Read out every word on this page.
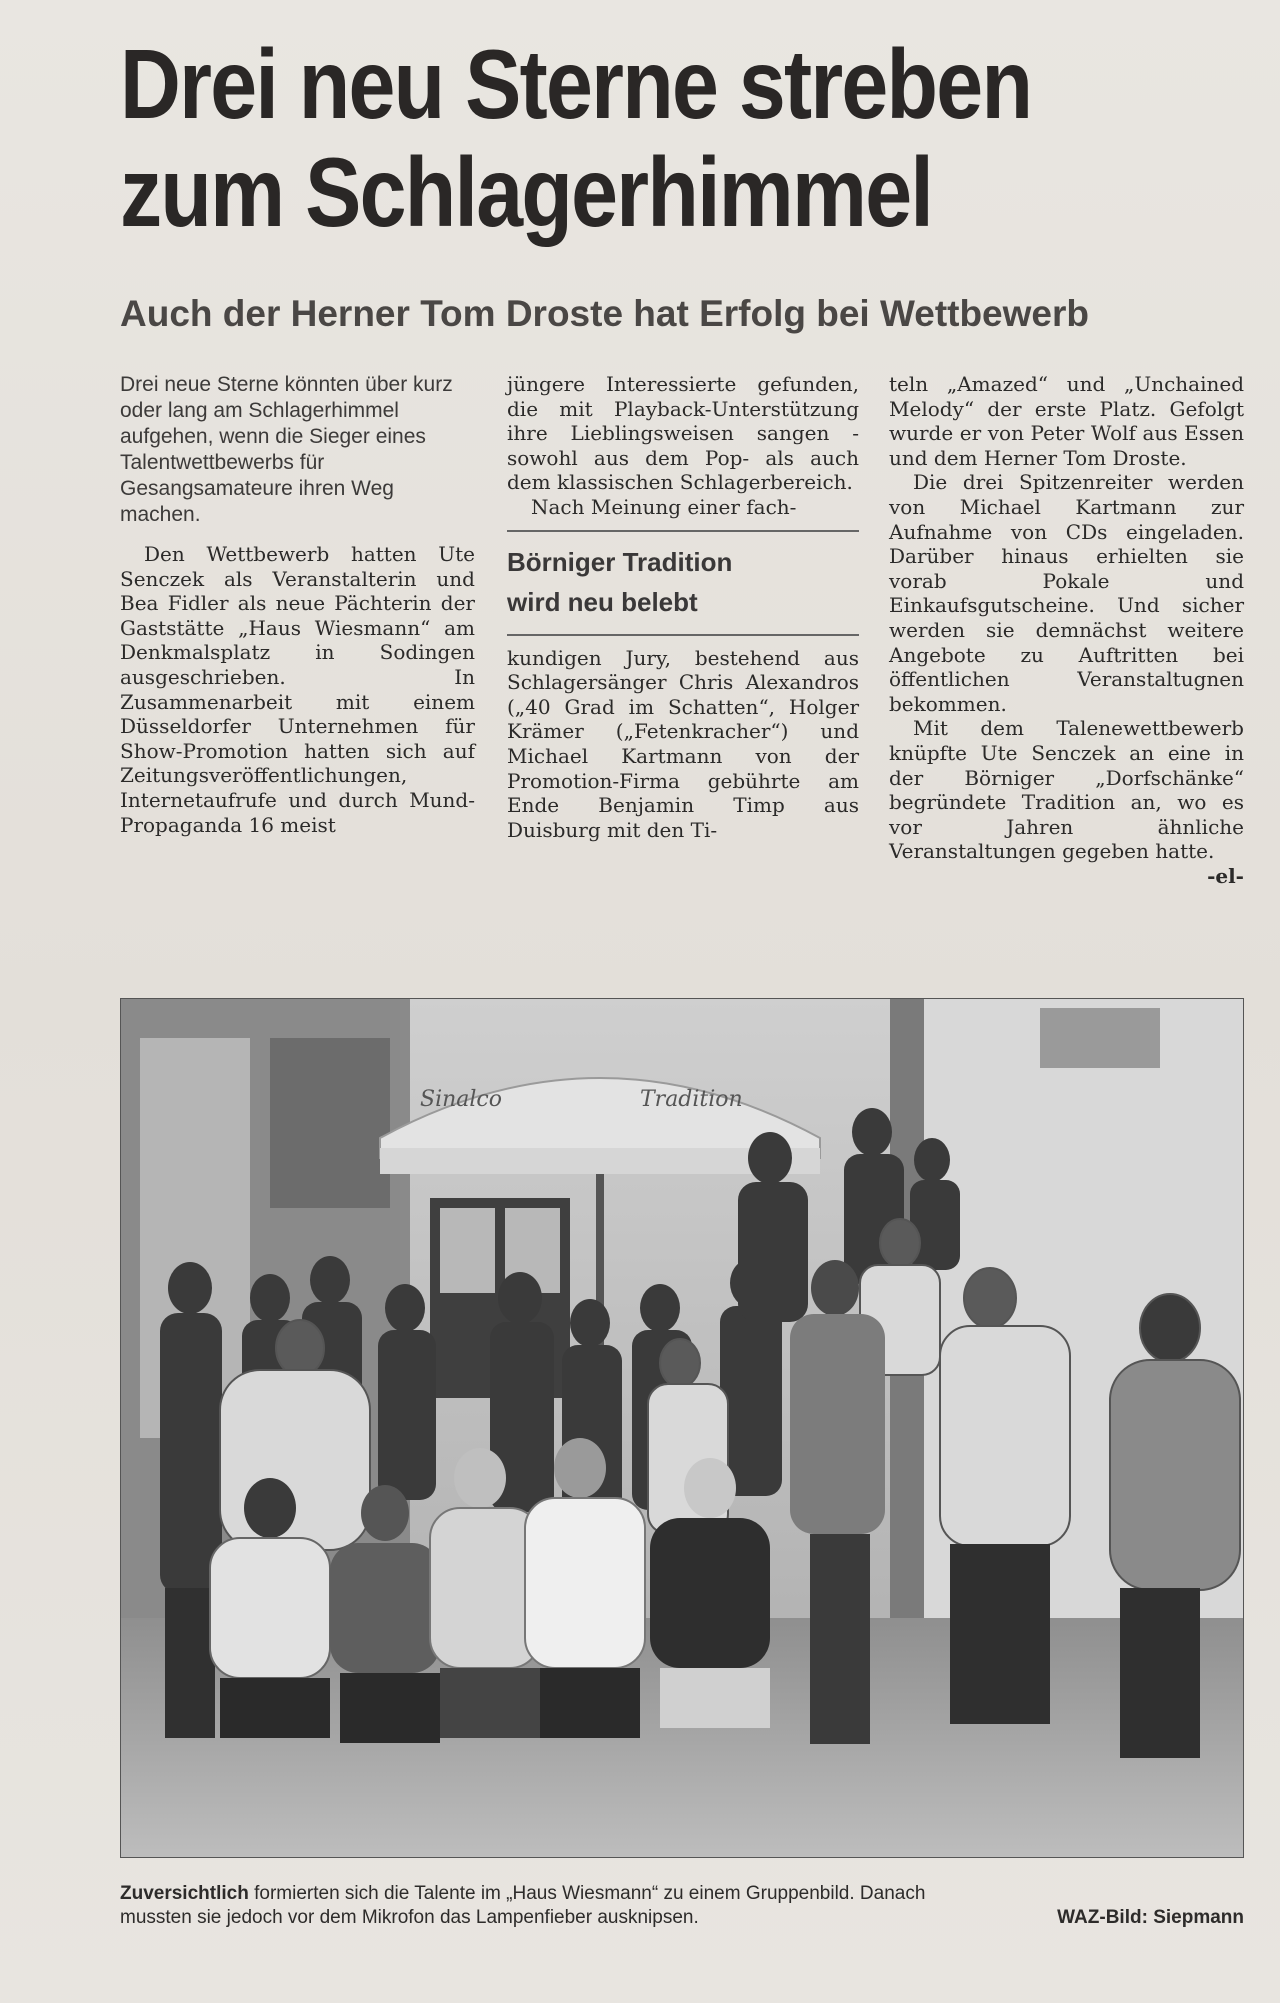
Drei neu Sterne streben
zum Schlagerhimmel
Auch der Herner Tom Droste hat Erfolg bei Wettbewerb

Drei neue Sterne könnten über kurz oder lang am Schlagerhimmel aufgehen, wenn die Sieger eines Talentwettbewerbs für Gesangsamateure ihren Weg machen.

Den Wettbewerb hatten Ute Senczek als Veranstalterin und Bea Fidler als neue Pächterin der Gaststätte „Haus Wiesmann“ am Denkmalsplatz in Sodingen ausgeschrieben. In Zusammenarbeit mit einem Düsseldorfer Unternehmen für Show-Promotion hatten sich auf Zeitungsveröffentlichungen, Internetaufrufe und durch Mund-Propaganda 16 meist

jüngere Interessierte gefunden, die mit Playback-Unterstützung ihre Lieblingsweisen sangen - sowohl aus dem Pop- als auch dem klassischen Schlagerbereich.

Nach Meinung einer fach-

Börniger Tradition
wird neu belebt

kundigen Jury, bestehend aus Schlagersänger Chris Alexandros („40 Grad im Schatten“, Holger Krämer („Fetenkracher“) und Michael Kartmann von der Promotion-Firma gebührte am Ende Benjamin Timp aus Duisburg mit den Ti-

teln „Amazed“ und „Unchained Melody“ der erste Platz. Gefolgt wurde er von Peter Wolf aus Essen und dem Herner Tom Droste.

Die drei Spitzenreiter werden von Michael Kartmann zur Aufnahme von CDs eingeladen. Darüber hinaus erhielten sie vorab Pokale und Einkaufsgutscheine. Und sicher werden sie demnächst weitere Angebote zu Auftritten bei öffentlichen Veranstaltugnen bekommen.

Mit dem Talenewettbewerb knüpfte Ute Senczek an eine in der Börniger „Dorfschänke“ begründete Tradition an, wo es vor Jahren ähnliche Veranstaltungen gegeben hatte.
-el-

Sinalco	Tradition

Zuversichtlich formierten sich die Talente im „Haus Wiesmann“ zu einem Gruppenbild. Danach

mussten sie jedoch vor dem Mikrofon das Lampenfieber ausknipsen.	WAZ-Bild: Siepmann
